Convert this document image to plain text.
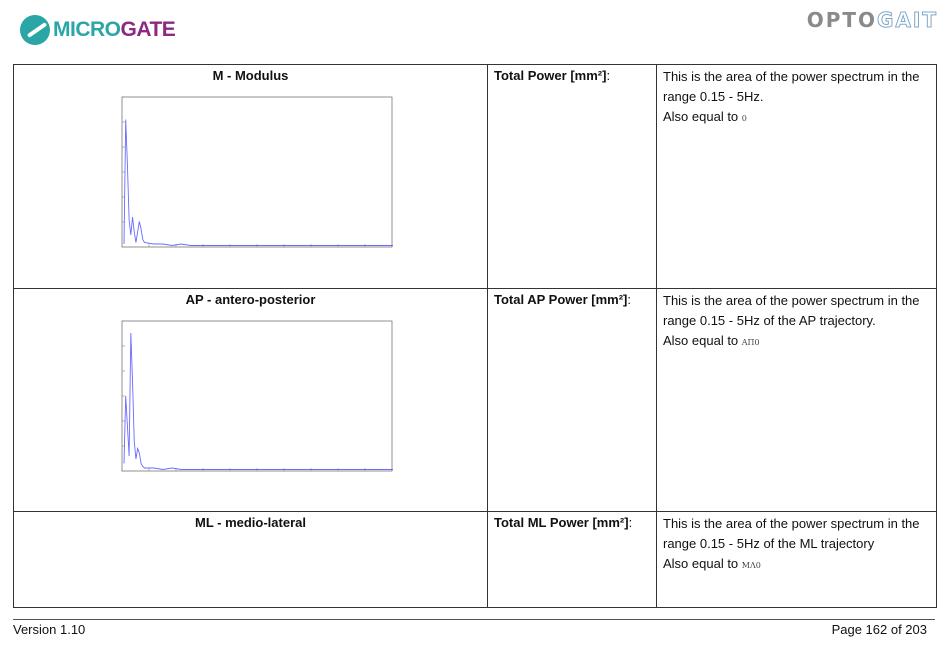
MICROGATE	OPTOGAIT
M - Modulus	Total Power [mm²]:	This is the area of the power spectrum in the range 0.15 - 5Hz.
Also equal to 0

AP - antero-posterior	Total AP Power [mm²]:	This is the area of the power spectrum in the range 0.15 - 5Hz of the AP trajectory.
Also equal to AΠ0

ML - medio-lateral	Total ML Power [mm²]:	This is the area of the power spectrum in the range 0.15 - 5Hz of the ML trajectory
Also equal to MΛ0
Version 1.10	Page 162 of 203
